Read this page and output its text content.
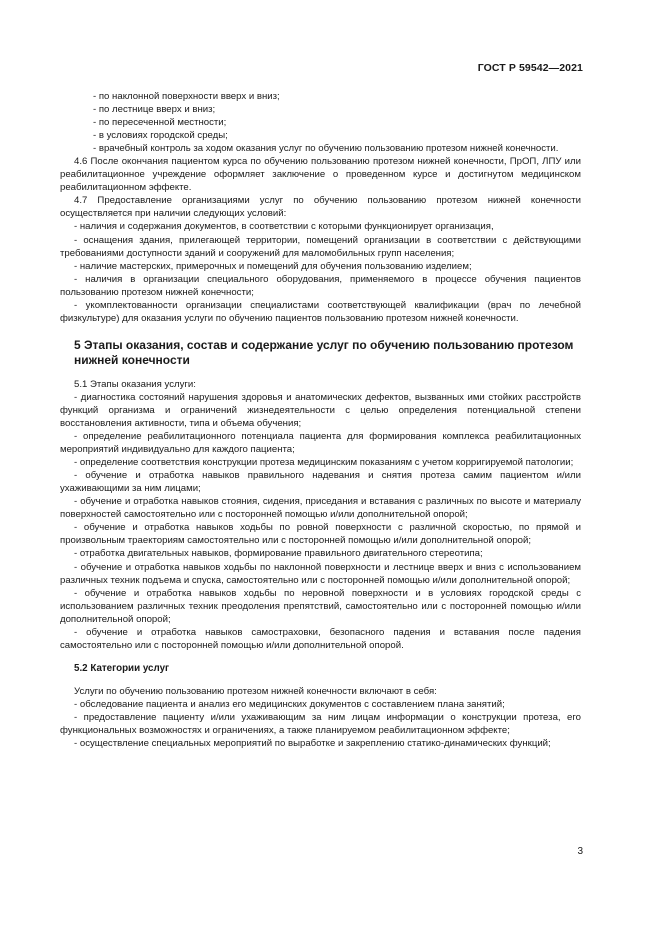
ГОСТ Р 59542—2021

- по наклонной поверхности вверх и вниз;

- по лестнице вверх и вниз;

- по пересеченной местности;

- в условиях городской среды;

- врачебный контроль за ходом оказания услуг по обучению пользованию протезом нижней конечности.

4.6 После окончания пациентом курса по обучению пользованию протезом нижней конечности, ПрОП, ЛПУ или реабилитационное учреждение оформляет заключение о проведенном курсе и достигнутом медицинском реабилитационном эффекте.

4.7 Предоставление организациями услуг по обучению пользованию протезом нижней конечности осуществляется при наличии следующих условий:

- наличия и содержания документов, в соответствии с которыми функционирует организация,

- оснащения здания, прилегающей территории, помещений организации в соответствии с действующими требованиями доступности зданий и сооружений для маломобильных групп населения;

- наличие мастерских, примерочных и помещений для обучения пользованию изделием;

- наличия в организации специального оборудования, применяемого в процессе обучения пациентов пользованию протезом нижней конечности;

- укомплектованности организации специалистами соответствующей квалификации (врач по лечебной физкультуре) для оказания услуги по обучению пациентов пользованию протезом нижней конечности.

5 Этапы оказания, состав и содержание услуг по обучению пользованию протезом нижней конечности

5.1 Этапы оказания услуги:

- диагностика состояний нарушения здоровья и анатомических дефектов, вызванных ими стойких расстройств функций организма и ограничений жизнедеятельности с целью определения потенциальной степени восстановления активности, типа и объема обучения;

- определение реабилитационного потенциала пациента для формирования комплекса реабилитационных мероприятий индивидуально для каждого пациента;

- определение соответствия конструкции протеза медицинским показаниям с учетом корригируемой патологии;

- обучение и отработка навыков правильного надевания и снятия протеза самим пациентом и/или ухаживающими за ним лицами;

- обучение и отработка навыков стояния, сидения, приседания и вставания с различных по высоте и материалу поверхностей самостоятельно или с посторонней помощью и/или дополнительной опорой;

- обучение и отработка навыков ходьбы по ровной поверхности с различной скоростью, по прямой и произвольным траекториям самостоятельно или с посторонней помощью и/или дополнительной опорой;

- отработка двигательных навыков, формирование правильного двигательного стереотипа;

- обучение и отработка навыков ходьбы по наклонной поверхности и лестнице вверх и вниз с использованием различных техник подъема и спуска, самостоятельно или с посторонней помощью и/или дополнительной опорой;

- обучение и отработка навыков ходьбы по неровной поверхности и в условиях городской среды с использованием различных техник преодоления препятствий, самостоятельно или с посторонней помощью и/или дополнительной опорой;

- обучение и отработка навыков самостраховки, безопасного падения и вставания после падения самостоятельно или с посторонней помощью и/или дополнительной опорой.

5.2 Категории услуг

Услуги по обучению пользованию протезом нижней конечности включают в себя:

- обследование пациента и анализ его медицинских документов с составлением плана занятий;

- предоставление пациенту и/или ухаживающим за ним лицам информации о конструкции протеза, его функциональных возможностях и ограничениях, а также планируемом реабилитационном эффекте;

- осуществление специальных мероприятий по выработке и закреплению статико-динамических функций;

3
